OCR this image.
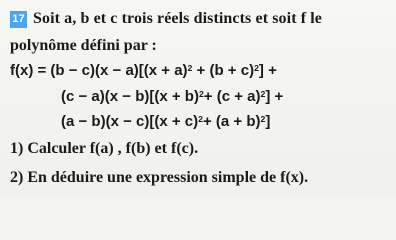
17 Soit a, b et c trois réels distincts et soit f le
polynôme défini par :
$f(x) = (b - c)(x - a)[(x + a)^2 + (b + c)^2]$ +
$(c - a)(x - b)[(x + b)^2+ (c + a)^2]$ +
$(a - b)(x - c)[(x + c)^2+ (a + b)^2]$
1) Calculer f(a) , f(b) et f(c).
2) En déduire une expression simple de f(x).
